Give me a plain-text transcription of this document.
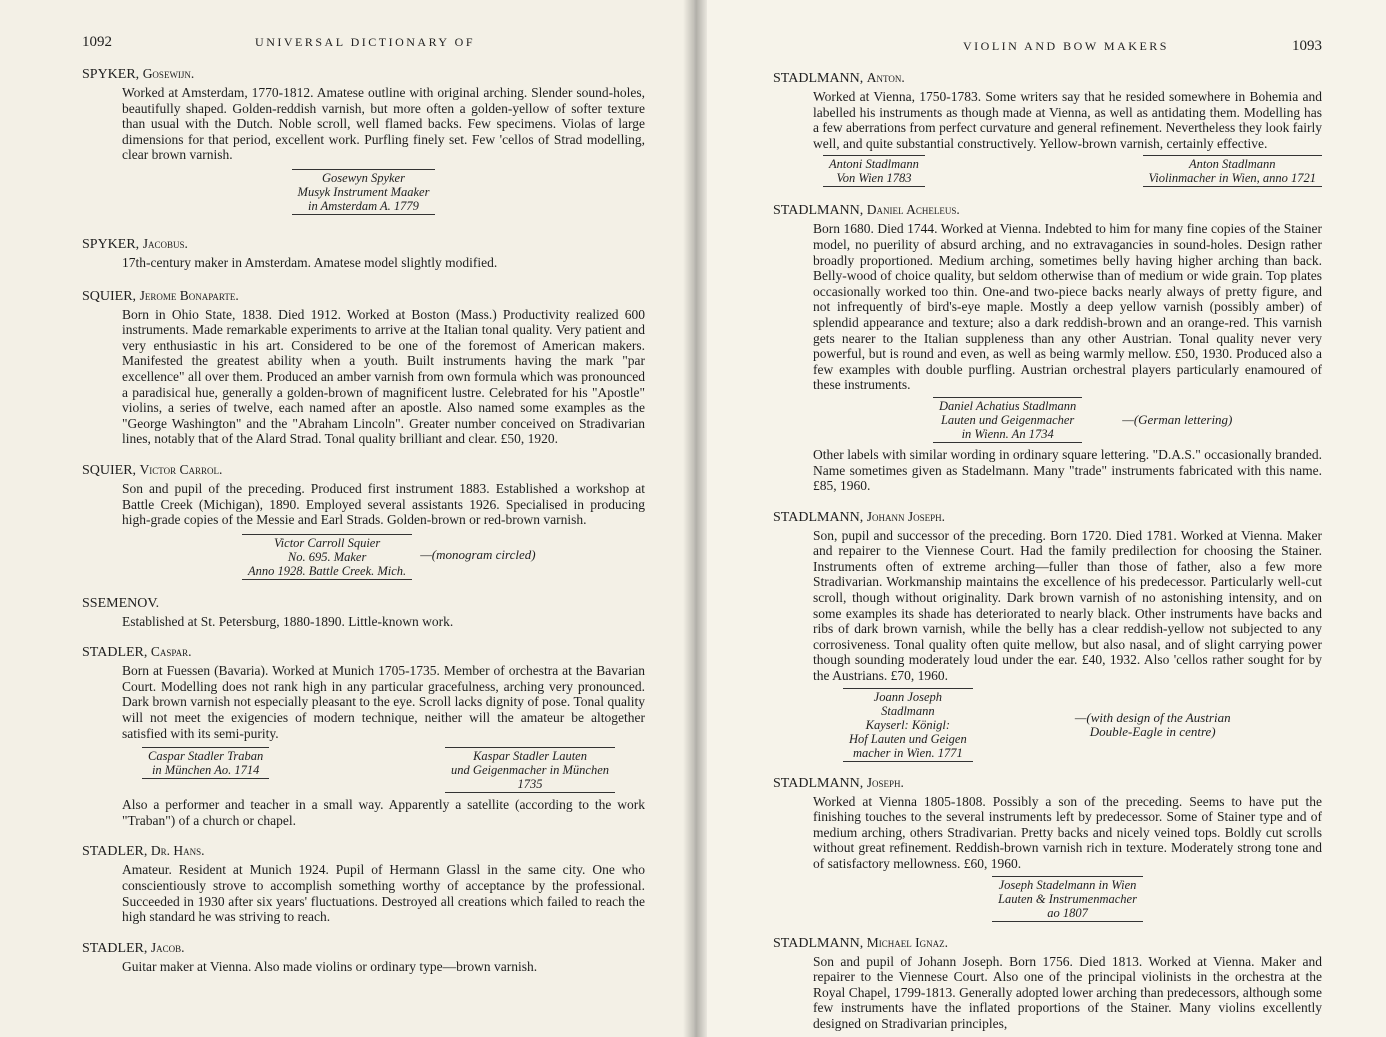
1092	UNIVERSAL DICTIONARY OF
SPYKER, Gosewijn.

Worked at Amsterdam, 1770-1812. Amatese outline with original arching. Slender sound-holes, beautifully shaped. Golden-reddish varnish, but more often a golden-yellow of softer texture than usual with the Dutch. Noble scroll, well flamed backs. Few specimens. Violas of large dimensions for that period, excellent work. Purfling finely set. Few 'cellos of Strad modelling, clear brown varnish.

Gosewyn Spyker
Musyk Instrument Maaker
in Amsterdam A. 1779
SPYKER, Jacobus.

17th-century maker in Amsterdam. Amatese model slightly modified.

SQUIER, Jerome Bonaparte.

Born in Ohio State, 1838. Died 1912. Worked at Boston (Mass.) Productivity realized 600 instruments. Made remarkable experiments to arrive at the Italian tonal quality. Very patient and very enthusiastic in his art. Considered to be one of the foremost of American makers. Manifested the greatest ability when a youth. Built instruments having the mark "par excellence" all over them. Produced an amber varnish from own formula which was pronounced a paradisical hue, generally a golden-brown of magnificent lustre. Celebrated for his "Apostle" violins, a series of twelve, each named after an apostle. Also named some examples as the "George Washington" and the "Abraham Lincoln". Greater number conceived on Stradivarian lines, notably that of the Alard Strad. Tonal quality brilliant and clear. £50, 1920.

SQUIER, Victor Carrol.

Son and pupil of the preceding. Produced first instrument 1883. Established a workshop at Battle Creek (Michigan), 1890. Employed several assistants 1926. Specialised in producing high-grade copies of the Messie and Earl Strads. Golden-brown or red-brown varnish.

Victor Carroll Squier
No. 695. Maker
Anno 1928. Battle Creek. Mich.
—(monogram circled)
SSEMENOV.

Established at St. Petersburg, 1880-1890. Little-known work.

STADLER, Caspar.

Born at Fuessen (Bavaria). Worked at Munich 1705-1735. Member of orchestra at the Bavarian Court. Modelling does not rank high in any particular gracefulness, arching very pronounced. Dark brown varnish not especially pleasant to the eye. Scroll lacks dignity of pose. Tonal quality will not meet the exigencies of modern technique, neither will the amateur be altogether satisfied with its semi-purity.

Caspar Stadler Traban
in München Ao. 1714
Kaspar Stadler Lauten
und Geigenmacher in München
1735

Also a performer and teacher in a small way. Apparently a satellite (according to the work "Traban") of a church or chapel.

STADLER, Dr. Hans.

Amateur. Resident at Munich 1924. Pupil of Hermann Glassl in the same city. One who conscientiously strove to accomplish something worthy of acceptance by the professional. Succeeded in 1930 after six years' fluctuations. Destroyed all creations which failed to reach the high standard he was striving to reach.

STADLER, Jacob.

Guitar maker at Vienna. Also made violins or ordinary type—brown varnish.

VIOLIN AND BOW MAKERS	1093
STADLMANN, Anton.

Worked at Vienna, 1750-1783. Some writers say that he resided somewhere in Bohemia and labelled his instruments as though made at Vienna, as well as antidating them. Modelling has a few aberrations from perfect curvature and general refinement. Nevertheless they look fairly well, and quite substantial constructively. Yellow-brown varnish, certainly effective.

Antoni Stadlmann
Von Wien 1783
Anton Stadlmann
Violinmacher in Wien, anno 1721
STADLMANN, Daniel Acheleus.

Born 1680. Died 1744. Worked at Vienna. Indebted to him for many fine copies of the Stainer model, no puerility of absurd arching, and no extravagancies in sound-holes. Design rather broadly proportioned. Medium arching, sometimes belly having higher arching than back. Belly-wood of choice quality, but seldom otherwise than of medium or wide grain. Top plates occasionally worked too thin. One-and two-piece backs nearly always of pretty figure, and not infrequently of bird's-eye maple. Mostly a deep yellow varnish (possibly amber) of splendid appearance and texture; also a dark reddish-brown and an orange-red. This varnish gets nearer to the Italian suppleness than any other Austrian. Tonal quality never very powerful, but is round and even, as well as being warmly mellow. £50, 1930. Produced also a few examples with double purfling. Austrian orchestral players particularly enamoured of these instruments.

Daniel Achatius Stadlmann
Lauten und Geigenmacher
in Wienn. An 1734
—(German lettering)

Other labels with similar wording in ordinary square lettering. "D.A.S." occasionally branded. Name sometimes given as Stadelmann. Many "trade" instruments fabricated with this name. £85, 1960.

STADLMANN, Johann Joseph.

Son, pupil and successor of the preceding. Born 1720. Died 1781. Worked at Vienna. Maker and repairer to the Viennese Court. Had the family predilection for choosing the Stainer. Instruments often of extreme arching—fuller than those of father, also a few more Stradivarian. Workmanship maintains the excellence of his predecessor. Particularly well-cut scroll, though without originality. Dark brown varnish of no astonishing intensity, and on some examples its shade has deteriorated to nearly black. Other instruments have backs and ribs of dark brown varnish, while the belly has a clear reddish-yellow not subjected to any corrosiveness. Tonal quality often quite mellow, but also nasal, and of slight carrying power though sounding moderately loud under the ear. £40, 1932. Also 'cellos rather sought for by the Austrians. £70, 1960.

Joann Joseph
Stadlmann
Kayserl: Königl:
Hof Lauten und Geigen
macher in Wien. 1771
—(with design of the Austrian Double-Eagle in centre)
STADLMANN, Joseph.

Worked at Vienna 1805-1808. Possibly a son of the preceding. Seems to have put the finishing touches to the several instruments left by predecessor. Some of Stainer type and of medium arching, others Stradivarian. Pretty backs and nicely veined tops. Boldly cut scrolls without great refinement. Reddish-brown varnish rich in texture. Moderately strong tone and of satisfactory mellowness. £60, 1960.

Joseph Stadelmann in Wien
Lauten & Instrumenmacher
ao 1807
STADLMANN, Michael Ignaz.

Son and pupil of Johann Joseph. Born 1756. Died 1813. Worked at Vienna. Maker and repairer to the Viennese Court. Also one of the principal violinists in the orchestra at the Royal Chapel, 1799-1813. Generally adopted lower arching than predecessors, although some few instruments have the inflated proportions of the Stainer. Many violins excellently designed on Stradivarian principles,
